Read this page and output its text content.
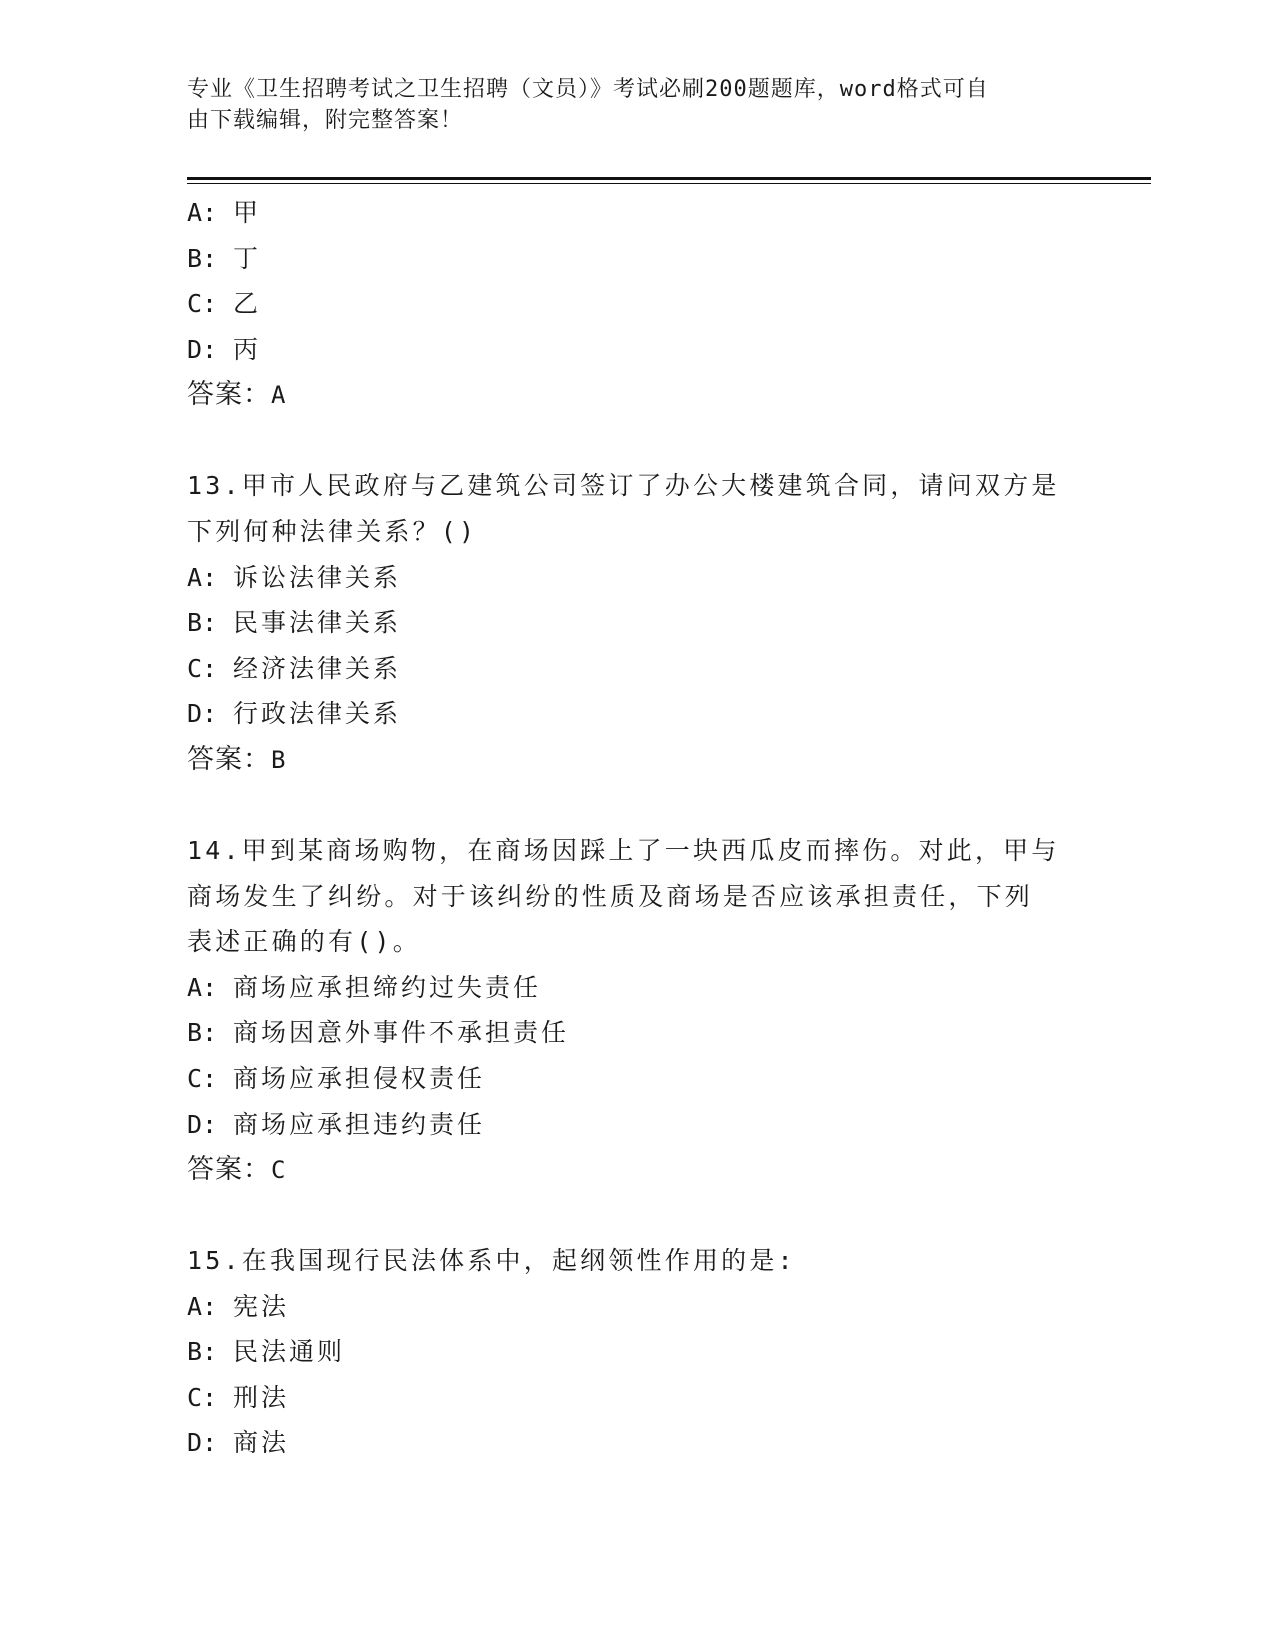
专业《卫生招聘考试之卫生招聘（文员）》考试必刷200题题库，word格式可自
由下载编辑，附完整答案！
A: 甲
B: 丁
C: 乙
D: 丙
答案：A
13.甲市人民政府与乙建筑公司签订了办公大楼建筑合同，请问双方是
下列何种法律关系？()
A: 诉讼法律关系
B: 民事法律关系
C: 经济法律关系
D: 行政法律关系
答案：B
14.甲到某商场购物，在商场因踩上了一块西瓜皮而摔伤。对此，甲与
商场发生了纠纷。对于该纠纷的性质及商场是否应该承担责任，下列
表述正确的有()。
A: 商场应承担缔约过失责任
B: 商场因意外事件不承担责任
C: 商场应承担侵权责任
D: 商场应承担违约责任
答案：C
15.在我国现行民法体系中，起纲领性作用的是:
A: 宪法
B: 民法通则
C: 刑法
D: 商法
